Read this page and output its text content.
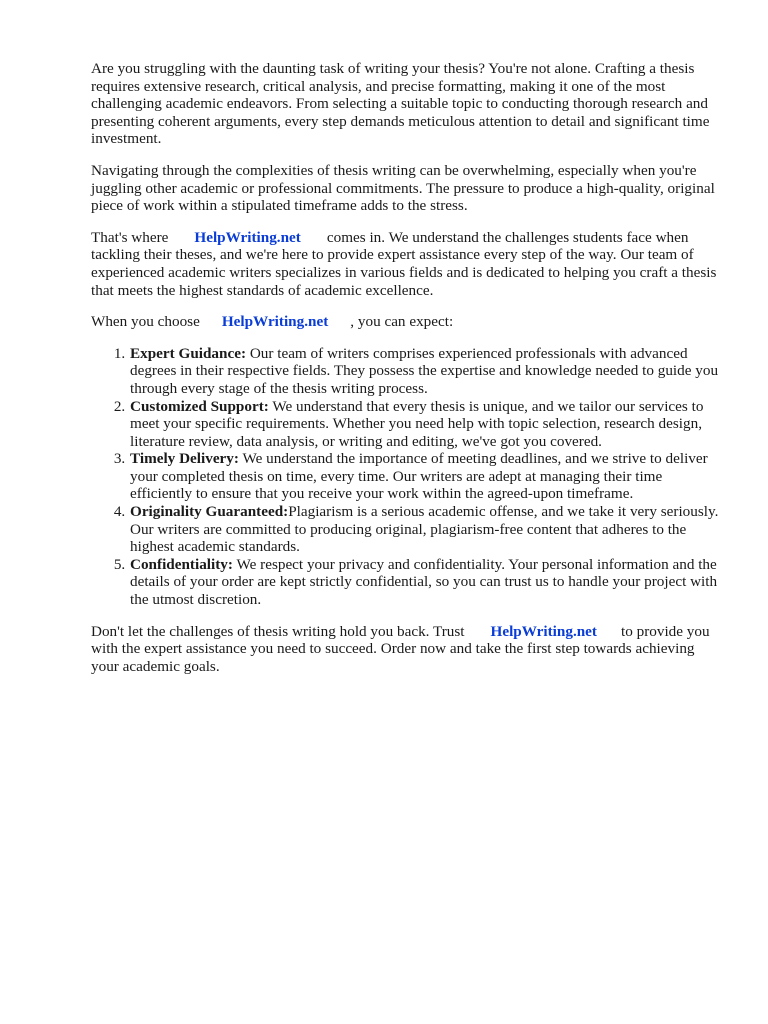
Are you struggling with the daunting task of writing your thesis? You're not alone. Crafting a thesis requires extensive research, critical analysis, and precise formatting, making it one of the most challenging academic endeavors. From selecting a suitable topic to conducting thorough research and presenting coherent arguments, every step demands meticulous attention to detail and significant time investment.

Navigating through the complexities of thesis writing can be overwhelming, especially when you're juggling other academic or professional commitments. The pressure to produce a high-quality, original piece of work within a stipulated timeframe adds to the stress.

That's where HelpWriting.net comes in. We understand the challenges students face when tackling their theses, and we're here to provide expert assistance every step of the way. Our team of experienced academic writers specializes in various fields and is dedicated to helping you craft a thesis that meets the highest standards of academic excellence.

When you choose HelpWriting.net , you can expect:

1. Expert Guidance: Our team of writers comprises experienced professionals with advanced degrees in their respective fields. They possess the expertise and knowledge needed to guide you through every stage of the thesis writing process.
2. Customized Support: We understand that every thesis is unique, and we tailor our services to meet your specific requirements. Whether you need help with topic selection, research design, literature review, data analysis, or writing and editing, we've got you covered.
3. Timely Delivery: We understand the importance of meeting deadlines, and we strive to deliver your completed thesis on time, every time. Our writers are adept at managing their time efficiently to ensure that you receive your work within the agreed-upon timeframe.
4. Originality Guaranteed:Plagiarism is a serious academic offense, and we take it very seriously. Our writers are committed to producing original, plagiarism-free content that adheres to the highest academic standards.
5. Confidentiality: We respect your privacy and confidentiality. Your personal information and the details of your order are kept strictly confidential, so you can trust us to handle your project with the utmost discretion.

Don't let the challenges of thesis writing hold you back. Trust HelpWriting.net to provide you with the expert assistance you need to succeed. Order now and take the first step towards achieving your academic goals.
